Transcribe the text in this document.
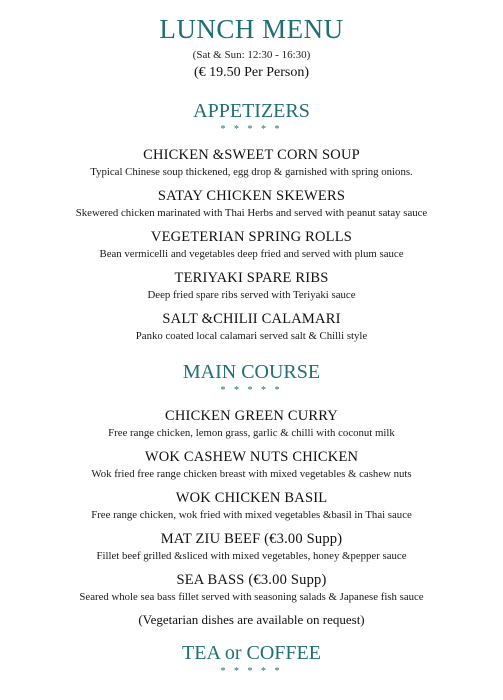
LUNCH MENU
(Sat & Sun: 12:30 - 16:30)
(€ 19.50 Per Person)
APPETIZERS
* * * * *
CHICKEN &SWEET CORN SOUP
Typical Chinese soup thickened, egg drop & garnished with spring onions.
SATAY CHICKEN SKEWERS
Skewered chicken marinated with Thai Herbs and served with peanut satay sauce
VEGETERIAN SPRING ROLLS
Bean vermicelli and vegetables deep fried and served with plum sauce
TERIYAKI SPARE RIBS
Deep fried spare ribs served with Teriyaki sauce
SALT &CHILII CALAMARI
Panko coated local calamari served salt & Chilli style
MAIN COURSE
* * * * *
CHICKEN GREEN CURRY
Free range chicken, lemon grass, garlic & chilli with coconut milk
WOK CASHEW NUTS CHICKEN
Wok fried free range chicken breast with mixed vegetables & cashew nuts
WOK CHICKEN BASIL
Free range chicken, wok fried with mixed vegetables &basil in Thai sauce
MAT ZIU BEEF (€3.00 Supp)
Fillet beef grilled &sliced with mixed vegetables, honey &pepper sauce
SEA BASS (€3.00 Supp)
Seared whole sea bass fillet served with seasoning salads & Japanese fish sauce
(Vegetarian dishes are available on request)
TEA or COFFEE
* * * * *
